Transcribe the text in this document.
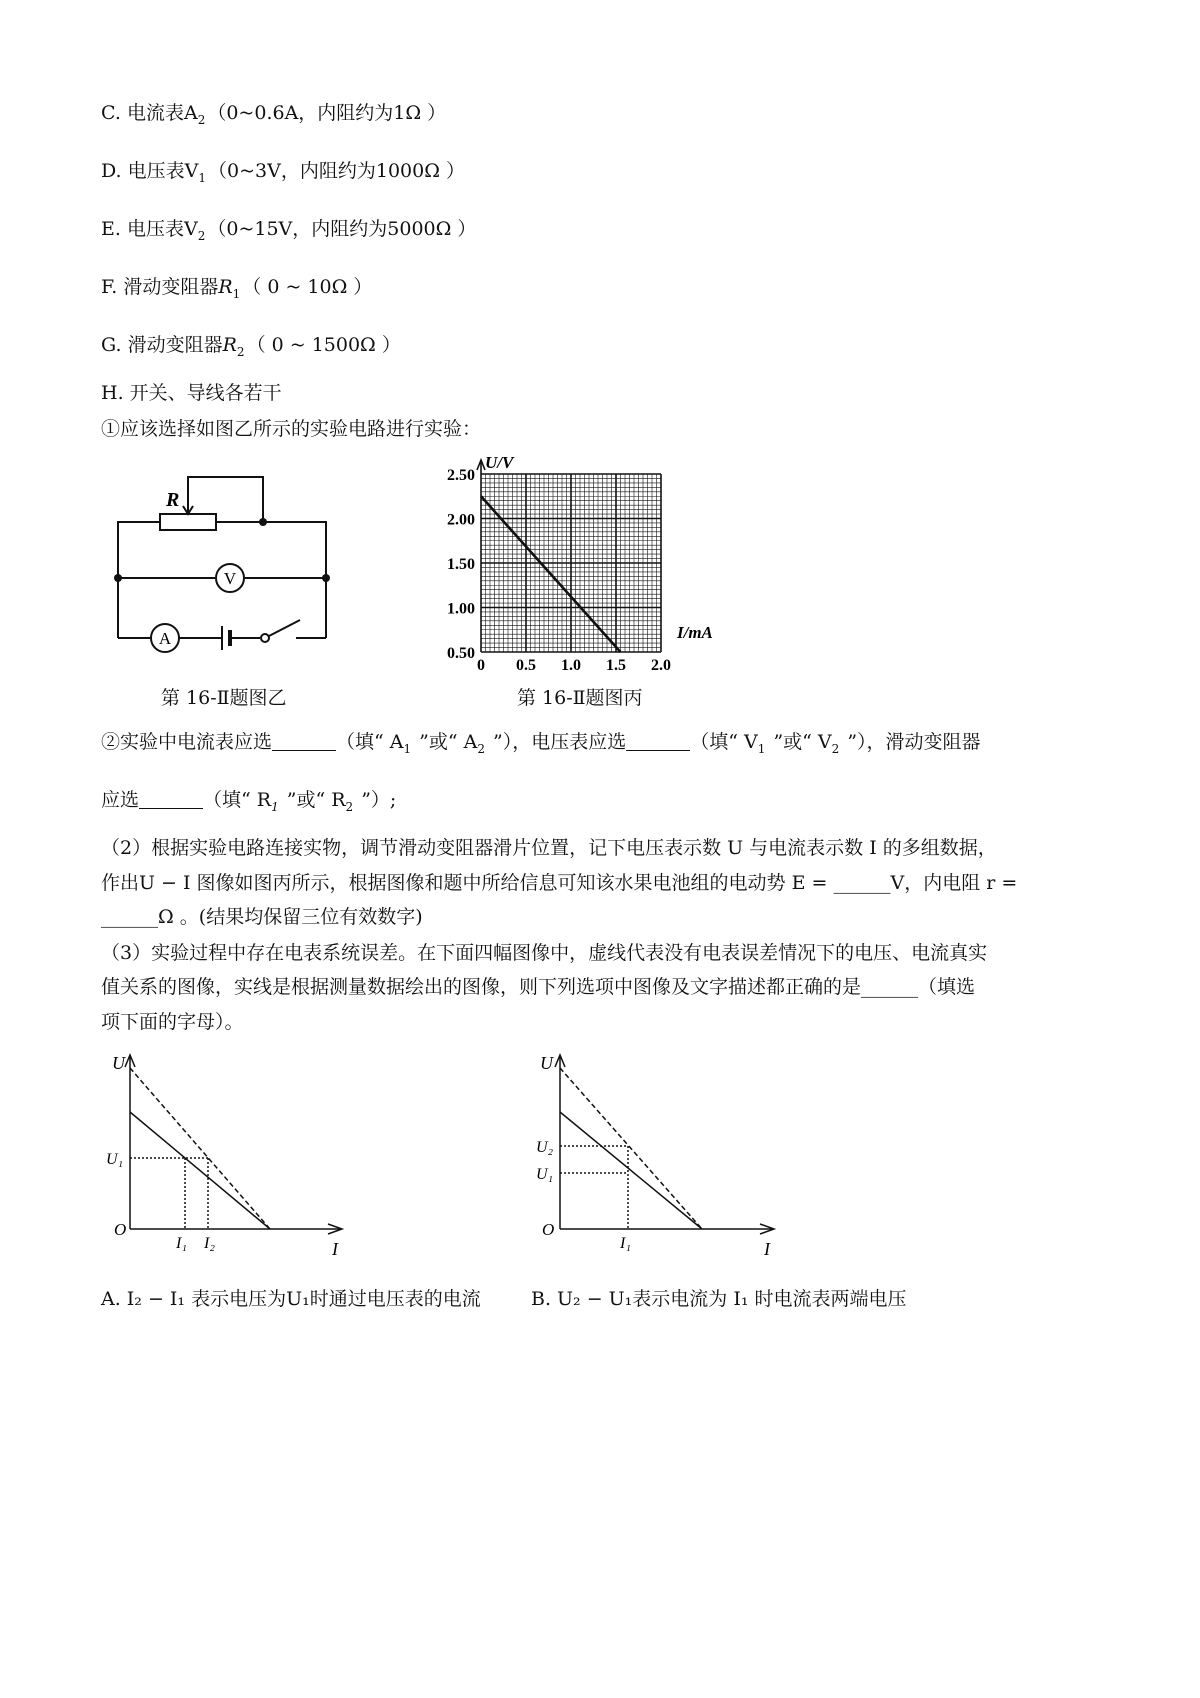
C. 电流表$A_2$ （0~0.6A，内阻约为1Ω ）
D. 电压表$V_1$ （0~3V，内阻约为1000Ω ）
E. 电压表$V_2$ （0~15V，内阻约为5000Ω ）
F. 滑动变阻器$R_1$ （ 0 ~ 10Ω ）
G. 滑动变阻器$R_2$ （ 0 ~ 1500Ω ）
H. 开关、导线各若干
①应该选择如图乙所示的实验电路进行实验：
R
V
A
第 16-Ⅱ题图乙
2.50
2.00
1.50
1.00
0.50
0 0.5 1.0 1.5 2.0
U/V
I/mA
第 16-Ⅱ题图丙
②实验中电流表应选	（填“ $A_1$ ”或“ $A_2$ ”），电压表应选	（填“ $V_1$ ”或“ $V_2$ ”），滑动变阻器
应选	（填“ $R_1$ ”或“ $R_2$ ”）;
（2）根据实验电路连接实物，调节滑动变阻器滑片位置，记下电压表示数 U 与电流表示数 I 的多组数据，
作出U − I 图像如图丙所示，根据图像和题中所给信息可知该水果电池组的电动势 E = ______V，内电阻 r =
______Ω 。(结果均保留三位有效数字)
（3）实验过程中存在电表系统误差。在下面四幅图像中，虚线代表没有电表误差情况下的电压、电流真实
值关系的图像，实线是根据测量数据绘出的图像，则下列选项中图像及文字描述都正确的是______（填选
项下面的字母）。
U
I
O
U₁
I₁ I₂
U
I
O
U₂
U₁
I₁
A. I₂ − I₁ 表示电压为U₁时通过电压表的电流	B. U₂ − U₁表示电流为 I₁ 时电流表两端电压
